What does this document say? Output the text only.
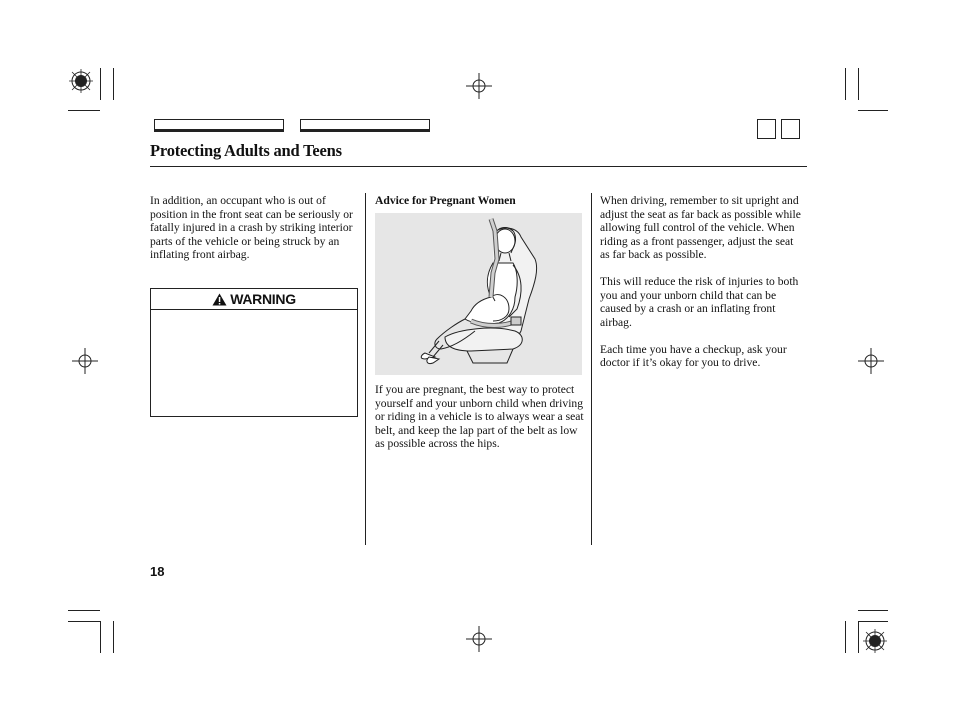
Protecting Adults and Teens

In addition, an occupant who is out of position in the front seat can be seriously or fatally injured in a crash by striking interior parts of the vehicle or being struck by an inflating front airbag.

WARNING

Advice for Pregnant Women

If you are pregnant, the best way to protect yourself and your unborn child when driving or riding in a vehicle is to always wear a seat belt, and keep the lap part of the belt as low as possible across the hips.

When driving, remember to sit upright and adjust the seat as far back as possible while allowing full control of the vehicle. When riding as a front passenger, adjust the seat as far back as possible.

This will reduce the risk of injuries to both you and your unborn child that can be caused by a crash or an inflating front airbag.

Each time you have a checkup, ask your doctor if it’s okay for you to drive.

18
